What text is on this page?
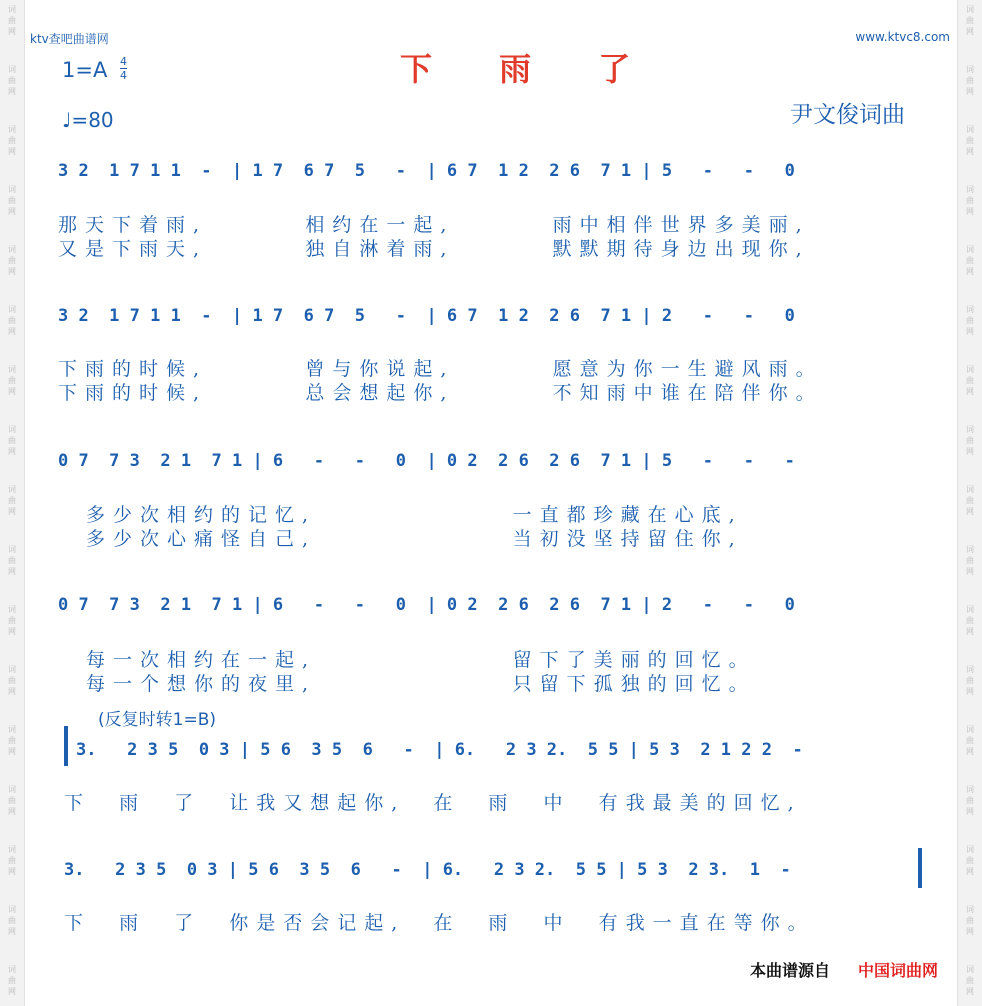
词
曲
网
词
曲
网
词
曲
网
词
曲
网
词
曲
网
词
曲
网
词
曲
网
词
曲
网
词
曲
网
词
曲
网
词
曲
网
词
曲
网
词
曲
网
词
曲
网
词
曲
网
词
曲
网
词
曲
网
词
曲
网
词
曲
网
词
曲
网
词
曲
网
词
曲
网
词
曲
网
词
曲
网
词
曲
网
词
曲
网
词
曲
网
词
曲
网
词
曲
网
词
曲
网
词
曲
网
词
曲
网
词
曲
网
词
曲
网
ktv查吧曲谱网	www.ktvc8.com
下 雨 了
$1=A \frac{4}{4}$
♩=80	尹文俊词曲
3 2  1 7 1 1  -  | 1 7  6 7  5   -  | 6 7  1 2  2 6  7 1 | 5   -   -   0
那天下着雨,       相约在一起,       雨中相伴世界多美丽,
又是下雨天,       独自淋着雨,       默默期待身边出现你,
3 2  1 7 1 1  -  | 1 7  6 7  5   -  | 6 7  1 2  2 6  7 1 | 2   -   -   0
下雨的时候,       曾与你说起,       愿意为你一生避风雨。
下雨的时候,       总会想起你,       不知雨中谁在陪伴你。
0 7  7 3  2 1  7 1 | 6   -   -   0  | 0 2  2 6  2 6  7 1 | 5   -   -   -
多少次相约的记忆,              一直都珍藏在心底,
多少次心痛怪自己,              当初没坚持留住你,
0 7  7 3  2 1  7 1 | 6   -   -   0  | 0 2  2 6  2 6  7 1 | 2   -   -   0
每一次相约在一起,              留下了美丽的回忆。
每一个想你的夜里,              只留下孤独的回忆。
(反复时转1=B)
3.   2 3 5  0 3 | 5 6  3 5  6   -  | 6.   2 3 2.  5 5 | 5 3  2 1 2 2  -
下  雨  了  让我又想起你,  在  雨  中  有我最美的回忆,
3.   2 3 5  0 3 | 5 6  3 5  6   -  | 6.   2 3 2.  5 5 | 5 3  2 3.  1  -
下  雨  了  你是否会记起,  在  雨  中  有我一直在等你。
本曲谱源自 中国词曲网
